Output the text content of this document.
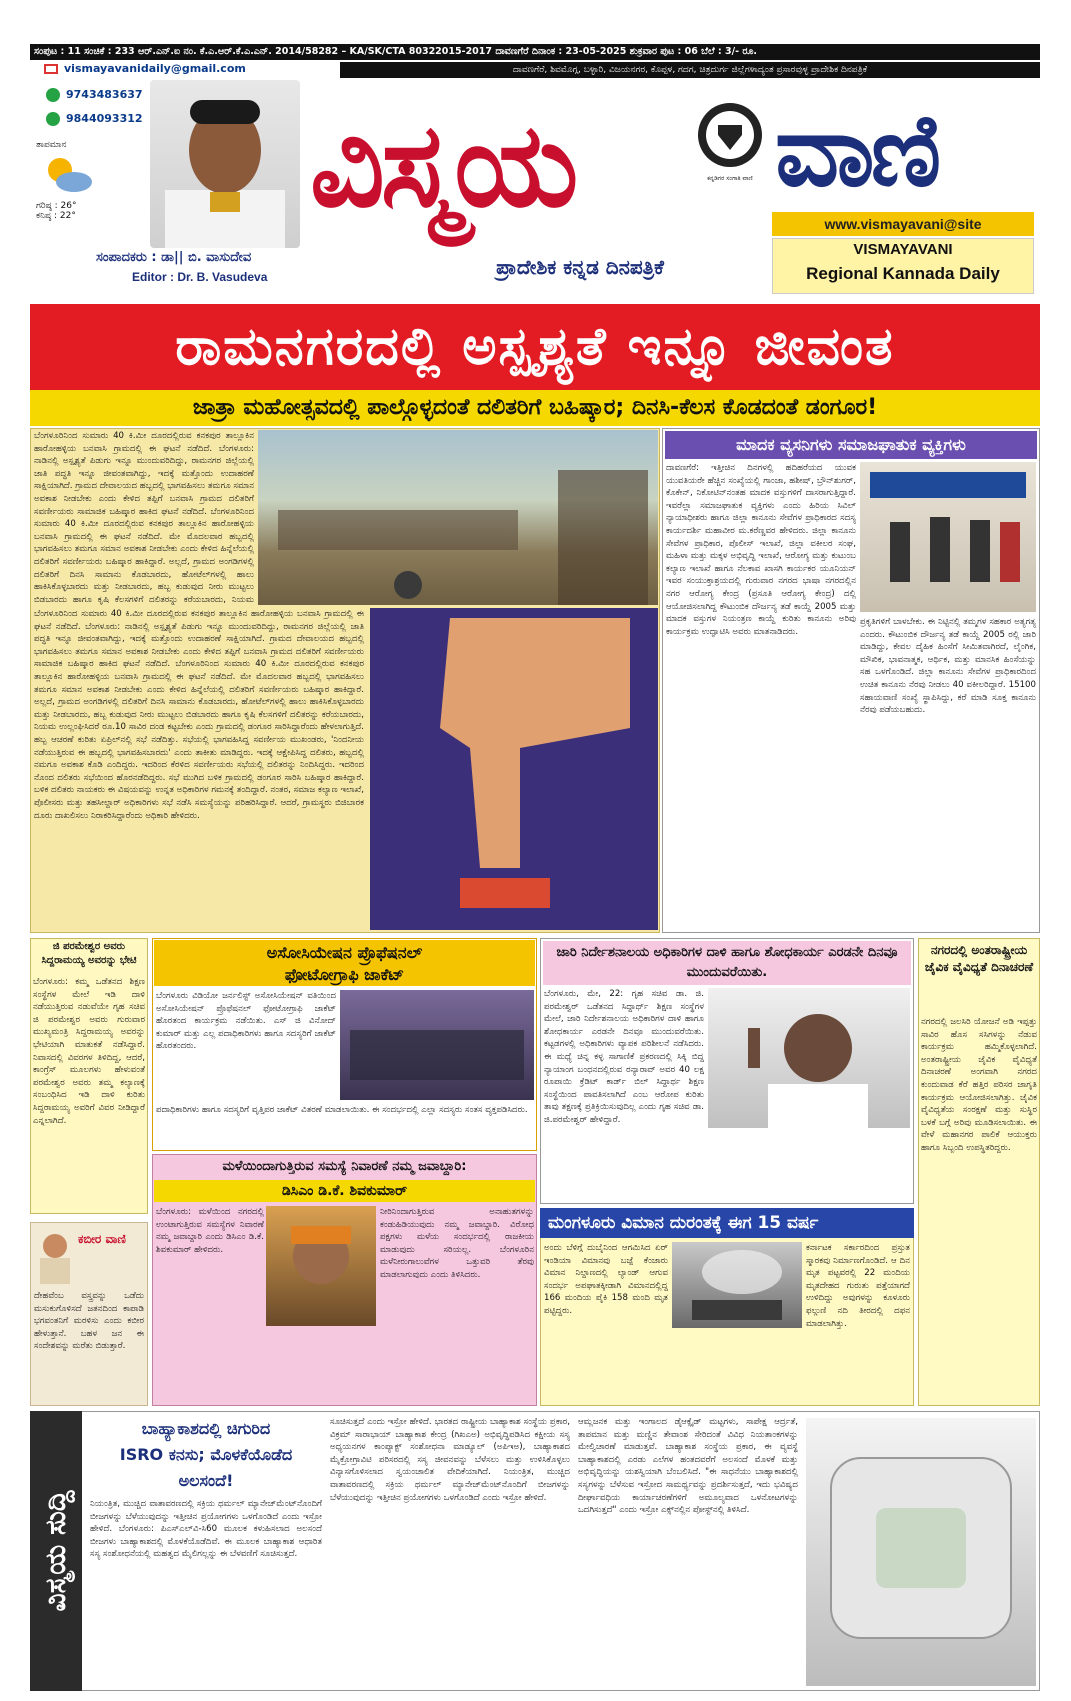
ಸಂಪುಟ : 11 ಸಂಚಿಕೆ : 233 ಆರ್.ಎನ್.ಐ ನಂ. ಕೆ.ಎ.ಆರ್.ಕೆ.ಎ.ಎನ್. 2014/58282 – KA/SK/CTA 80322015-2017 ದಾವಣಗೆರೆ ದಿನಾಂಕ : 23-05-2025 ಶುಕ್ರವಾರ ಪುಟ : 06 ಬೆಲೆ : 3/- ರೂ.
ದಾವಣಗೆರೆ, ಶಿವಮೊಗ್ಗ, ಬಳ್ಳಾರಿ, ವಿಜಯನಗರ, ಕೊಪ್ಪಳ, ಗದಗ, ಚಿತ್ರದುರ್ಗ ಜಿಲ್ಲೆಗಳಾದ್ಯಂತ ಪ್ರಸಾರವುಳ್ಳ ಪ್ರಾದೇಶಿಕ ದಿನಪತ್ರಿಕೆ
vismayavanidaily@gmail.com
9743483637
9844093312
ತಾಪಮಾನ
ಗರಿಷ್ಠ : 26°
ಕನಿಷ್ಠ : 22°
ಸಂಪಾದಕರು : ಡಾ|| ಬಿ. ವಾಸುದೇವ
Editor : Dr. B. Vasudeva
ವಿಸ್ಮಯ	ಕನ್ನಡಿಗರ ಸಂಗಾತಿ ವಾಣಿ ವಾಣಿ
ಪ್ರಾದೇಶಿಕ ಕನ್ನಡ ದಿನಪತ್ರಿಕೆ
www.vismayavani@site
VISMAYAVANI
Regional Kannada Daily
ರಾಮನಗರದಲ್ಲಿ ಅಸ್ಪೃಶ್ಯತೆ ಇನ್ನೂ ಜೀವಂತ
ಜಾತ್ರಾ ಮಹೋತ್ಸವದಲ್ಲಿ ಪಾಲ್ಗೊಳ್ಳದಂತೆ ದಲಿತರಿಗೆ ಬಹಿಷ್ಕಾರ; ದಿನಸಿ-ಕೆಲಸ ಕೊಡದಂತೆ ಡಂಗೂರ!
ಬೆಂಗಳೂರಿನಿಂದ ಸುಮಾರು 40 ಕಿ.ಮೀ ದೂರದಲ್ಲಿರುವ ಕನಕಪುರ ತಾಲ್ಲೂಕಿನ ಹಾರೋಹಳ್ಳಿಯ ಬನವಾಸಿ ಗ್ರಾಮದಲ್ಲಿ ಈ ಘಟನೆ ನಡೆದಿದೆ. ಬೆಂಗಳೂರು: ನಾಡಿನಲ್ಲಿ ಅಸ್ಪೃಶ್ಯತೆ ಪಿಡುಗು ಇನ್ನೂ ಮುಂದುವರಿದಿದ್ದು, ರಾಮನಗರ ಜಿಲ್ಲೆಯಲ್ಲಿ ಜಾತಿ ಪದ್ಧತಿ ಇನ್ನೂ ಜೀವಂತವಾಗಿದ್ದು, ಇದಕ್ಕೆ ಮತ್ತೊಂದು ಉದಾಹರಣೆ ಸಾಕ್ಷಿಯಾಗಿದೆ. ಗ್ರಾಮದ ದೇವಾಲಯದ ಹಬ್ಬದಲ್ಲಿ ಭಾಗವಹಿಸಲು ತಮಗೂ ಸಮಾನ ಅವಕಾಶ ನೀಡಬೇಕು ಎಂದು ಕೇಳಿದ ತಪ್ಪಿಗೆ ಬನವಾಸಿ ಗ್ರಾಮದ ದಲಿತರಿಗೆ ಸವರ್ಣೀಯರು ಸಾಮಾಜಿಕ ಬಹಿಷ್ಕಾರ ಹಾಕಿದ ಘಟನೆ ನಡೆದಿದೆ. ಬೆಂಗಳೂರಿನಿಂದ ಸುಮಾರು 40 ಕಿ.ಮೀ ದೂರದಲ್ಲಿರುವ ಕನಕಪುರ ತಾಲ್ಲೂಕಿನ ಹಾರೋಹಳ್ಳಿಯ ಬನವಾಸಿ ಗ್ರಾಮದಲ್ಲಿ ಈ ಘಟನೆ ನಡೆದಿದೆ. ಮೇ ಮೊದಲವಾರ ಹಬ್ಬದಲ್ಲಿ ಭಾಗವಹಿಸಲು ತಮಗೂ ಸಮಾನ ಅವಕಾಶ ನೀಡಬೇಕು ಎಂದು ಕೇಳಿದ ಹಿನ್ನೆಲೆಯಲ್ಲಿ ದಲಿತರಿಗೆ ಸವರ್ಣೀಯರು ಬಹಿಷ್ಕಾರ ಹಾಕಿದ್ದಾರೆ. ಅಲ್ಲದೆ, ಗ್ರಾಮದ ಅಂಗಡಿಗಳಲ್ಲಿ ದಲಿತರಿಗೆ ದಿನಸಿ ಸಾಮಾನು ಕೊಡಬಾರದು, ಹೋಟೆಲ್‌ಗಳಲ್ಲಿ ಹಾಲು ಹಾಕಿಸಿಕೊಳ್ಳಬಾರದು ಮತ್ತು ನೀಡಬಾರದು, ಹಬ್ಬ ಕುಡುವುದ ನೀರು ಮುಟ್ಟಲು ಬಿಡಬಾರದು ಹಾಗೂ ಕೃಷಿ ಕೆಲಸಗಳಿಗೆ ದಲಿತರನ್ನು ಕರೆಯಬಾರದು, ನಿಯಮ
ಬೆಂಗಳೂರಿನಿಂದ ಸುಮಾರು 40 ಕಿ.ಮೀ ದೂರದಲ್ಲಿರುವ ಕನಕಪುರ ತಾಲ್ಲೂಕಿನ ಹಾರೋಹಳ್ಳಿಯ ಬನವಾಸಿ ಗ್ರಾಮದಲ್ಲಿ ಈ ಘಟನೆ ನಡೆದಿದೆ. ಬೆಂಗಳೂರು: ನಾಡಿನಲ್ಲಿ ಅಸ್ಪೃಶ್ಯತೆ ಪಿಡುಗು ಇನ್ನೂ ಮುಂದುವರಿದಿದ್ದು, ರಾಮನಗರ ಜಿಲ್ಲೆಯಲ್ಲಿ ಜಾತಿ ಪದ್ಧತಿ ಇನ್ನೂ ಜೀವಂತವಾಗಿದ್ದು, ಇದಕ್ಕೆ ಮತ್ತೊಂದು ಉದಾಹರಣೆ ಸಾಕ್ಷಿಯಾಗಿದೆ. ಗ್ರಾಮದ ದೇವಾಲಯದ ಹಬ್ಬದಲ್ಲಿ ಭಾಗವಹಿಸಲು ತಮಗೂ ಸಮಾನ ಅವಕಾಶ ನೀಡಬೇಕು ಎಂದು ಕೇಳಿದ ತಪ್ಪಿಗೆ ಬನವಾಸಿ ಗ್ರಾಮದ ದಲಿತರಿಗೆ ಸವರ್ಣೀಯರು ಸಾಮಾಜಿಕ ಬಹಿಷ್ಕಾರ ಹಾಕಿದ ಘಟನೆ ನಡೆದಿದೆ. ಬೆಂಗಳೂರಿನಿಂದ ಸುಮಾರು 40 ಕಿ.ಮೀ ದೂರದಲ್ಲಿರುವ ಕನಕಪುರ ತಾಲ್ಲೂಕಿನ ಹಾರೋಹಳ್ಳಿಯ ಬನವಾಸಿ ಗ್ರಾಮದಲ್ಲಿ ಈ ಘಟನೆ ನಡೆದಿದೆ. ಮೇ ಮೊದಲವಾರ ಹಬ್ಬದಲ್ಲಿ ಭಾಗವಹಿಸಲು ತಮಗೂ ಸಮಾನ ಅವಕಾಶ ನೀಡಬೇಕು ಎಂದು ಕೇಳಿದ ಹಿನ್ನೆಲೆಯಲ್ಲಿ ದಲಿತರಿಗೆ ಸವರ್ಣೀಯರು ಬಹಿಷ್ಕಾರ ಹಾಕಿದ್ದಾರೆ. ಅಲ್ಲದೆ, ಗ್ರಾಮದ ಅಂಗಡಿಗಳಲ್ಲಿ ದಲಿತರಿಗೆ ದಿನಸಿ ಸಾಮಾನು ಕೊಡಬಾರದು, ಹೋಟೆಲ್‌ಗಳಲ್ಲಿ ಹಾಲು ಹಾಕಿಸಿಕೊಳ್ಳಬಾರದು ಮತ್ತು ನೀಡಬಾರದು, ಹಬ್ಬ ಕುಡುವುದ ನೀರು ಮುಟ್ಟಲು ಬಿಡಬಾರದು ಹಾಗೂ ಕೃಷಿ ಕೆಲಸಗಳಿಗೆ ದಲಿತರನ್ನು ಕರೆಯಬಾರದು, ನಿಯಮ ಉಲ್ಲಂಘಿಸಿದರೆ ರೂ.10 ಸಾವಿರ ದಂಡ ಕಟ್ಟಬೇಕು ಎಂದು ಗ್ರಾಮದಲ್ಲಿ ಡಂಗೂರ ಸಾರಿಸಿದ್ದಾರೆಂದು ಹೇಳಲಾಗುತ್ತಿದೆ. ಹಬ್ಬ ಆಚರಣೆ ಕುರಿತು ಏಪ್ರಿಲ್‌ನಲ್ಲಿ ಸಭೆ ನಡೆದಿತ್ತು. ಸಭೆಯಲ್ಲಿ ಭಾಗವಹಿಸಿದ್ದ ಸವರ್ಣೀಯ ಮುಖಂಡರು, 'ನಿಂದನೀಯ ನಡೆಯುತ್ತಿರುವ ಈ ಹಬ್ಬದಲ್ಲಿ ಭಾಗವಹಿಸಬಾರದು' ಎಂದು ತಾಕೀತು ಮಾಡಿದ್ದರು. ಇದಕ್ಕೆ ಆಕ್ಷೇಪಿಸಿದ್ದ ದಲಿತರು, ಹಬ್ಬದಲ್ಲಿ ನಮಗೂ ಅವಕಾಶ ಕೊಡಿ ಎಂದಿದ್ದರು. ಇದರಿಂದ ಕೆರಳಿದ ಸವರ್ಣೀಯರು ಸಭೆಯಲ್ಲಿ ದಲಿತರನ್ನು ನಿಂದಿಸಿದ್ದರು. ಇದರಿಂದ ನೊಂದ ದಲಿತರು ಸಭೆಯಿಂದ ಹೊರನಡೆದಿದ್ದರು. ಸಭೆ ಮುಗಿದ ಬಳಿಕ ಗ್ರಾಮದಲ್ಲಿ ಡಂಗೂರ ಸಾರಿಸಿ ಬಹಿಷ್ಕಾರ ಹಾಕಿದ್ದಾರೆ. ಬಳಿಕ ದಲಿತರು ನಾಯಕರು ಈ ವಿಷಯವನ್ನು ಉನ್ನತ ಅಧಿಕಾರಿಗಳ ಗಮನಕ್ಕೆ ತಂದಿದ್ದಾರೆ. ನಂತರ, ಸಮಾಜ ಕಲ್ಯಾಣ ಇಲಾಖೆ, ಪೊಲೀಸರು ಮತ್ತು ತಹಸೀಲ್ದಾರ್ ಅಧಿಕಾರಿಗಳು ಸಭೆ ನಡೆಸಿ ಸಮಸ್ಯೆಯನ್ನು ಪರಿಹರಿಸಿದ್ದಾರೆ. ಆದರೆ, ಗ್ರಾಮಸ್ಥರು ಬಿಜಿಬಾರಕ ದೂರು ದಾಖಲಿಸಲು ನಿರಾಕರಿಸಿದ್ದಾರೆಂದು ಅಧಿಕಾರಿ ಹೇಳಿದರು.
ಮಾದಕ ವ್ಯಸನಿಗಳು ಸಮಾಜಘಾತುಕ ವ್ಯಕ್ತಿಗಳು
ದಾವಣಗೆರೆ: ಇತ್ತೀಚಿನ ದಿನಗಳಲ್ಲಿ ಹದಿಹರೆಯದ ಯುವಕ ಯುವತಿಯರೇ ಹೆಚ್ಚಿನ ಸಂಖ್ಯೆಯಲ್ಲಿ ಗಾಂಜಾ, ಹಶೀಷ್, ಬ್ರೌನ್‌ಶುಗರ್, ಕೊಕೇನ್, ನಿಕೋಟಿನ್‌ನಂತಹ ಮಾದಕ ವಸ್ತುಗಳಿಗೆ ದಾಸರಾಗುತ್ತಿದ್ದಾರೆ. ಇವರೆಲ್ಲಾ ಸಮಾಜಘಾತುಕ ವ್ಯಕ್ತಿಗಳು ಎಂದು ಹಿರಿಯ ಸಿವಿಲ್ ನ್ಯಾಯಾಧೀಶರು ಹಾಗೂ ಜಿಲ್ಲಾ ಕಾನೂನು ಸೇವೆಗಳ ಪ್ರಾಧಿಕಾರದ ಸದಸ್ಯ ಕಾರ್ಯದರ್ಶಿ ಮಹಾವೀರ ಮ.ಕರೆಣ್ಣವರ ಹೇಳಿದರು. ಜಿಲ್ಲಾ ಕಾನೂನು ಸೇವೆಗಳ ಪ್ರಾಧಿಕಾರ, ಪೊಲೀಸ್ ಇಲಾಖೆ, ಜಿಲ್ಲಾ ವಕೀಲರ ಸಂಘ, ಮಹಿಳಾ ಮತ್ತು ಮಕ್ಕಳ ಅಭಿವೃದ್ಧಿ ಇಲಾಖೆ, ಆರೋಗ್ಯ ಮತ್ತು ಕುಟುಂಬ ಕಲ್ಯಾಣ ಇಲಾಖೆ ಹಾಗೂ ನೆಲಕಾವ ಖಾಸಗಿ ಕಾರ್ಯಕರ ಯೂನಿಯನ್ ಇವರ ಸಂಯುಕ್ತಾಶ್ರಯದಲ್ಲಿ ಗುರುವಾರ ನಗರದ ಭಾಷಾ ನಗರದಲ್ಲಿನ ನಗರ ಆರೋಗ್ಯ ಕೇಂದ್ರ (ಪ್ರಸೂತಿ ಆರೋಗ್ಯ ಕೇಂದ್ರ) ದಲ್ಲಿ ಆಯೋಜಿಸಲಾಗಿದ್ದ ಕೌಟುಂಬಿಕ ದೌರ್ಜನ್ಯ ತಡೆ ಕಾಯ್ದೆ 2005 ಮತ್ತು ಮಾದಕ ವಸ್ತುಗಳ ನಿಯಂತ್ರಣ ಕಾಯ್ದೆ ಕುರಿತು ಕಾನೂನು ಅರಿವು ಕಾರ್ಯಕ್ರಮ ಉದ್ಘಾಟಿಸಿ ಅವರು ಮಾತನಾಡಿದರು.
ಪ್ರಕೃತಿಗಳಿಗೆ ಬಾಳಬೇಕು. ಈ ನಿಟ್ಟಿನಲ್ಲಿ ತಮ್ಮಗಳ ಸಹಕಾರ ಅತ್ಯಗತ್ಯ ಎಂದರು. ಕೌಟುಂಬಿಕ ದೌರ್ಜನ್ಯ ತಡೆ ಕಾಯ್ದೆ 2005 ರಲ್ಲಿ ಜಾರಿ ಮಾಡಿದ್ದು, ಕೇವಲ ದೈಹಿಕ ಹಿಂಸೆಗೆ ಸೀಮಿತವಾಗಿರದೆ, ಲೈಂಗಿಕ, ಮೌಖಿಕ, ಭಾವನಾತ್ಮಕ, ಆರ್ಥಿಕ, ಮತ್ತು ಮಾನಸಿಕ ಹಿಂಸೆಯನ್ನು ಸಹ ಒಳಗೊಂಡಿದೆ. ಜಿಲ್ಲಾ ಕಾನೂನು ಸೇವೆಗಳ ಪ್ರಾಧಿಕಾರದಿಂದ ಉಚಿತ ಕಾನೂನು ನೆರವು ನೀಡಲು 40 ವಕೀಲರಿದ್ದಾರೆ. 15100 ಸಹಾಯವಾಣಿ ಸಂಖ್ಯೆ ಸ್ಥಾಪಿಸಿದ್ದು, ಕರೆ ಮಾಡಿ ಸೂಕ್ತ ಕಾನೂನು ನೆರವು ಪಡೆಯಬಹುದು.
ಜಿ ಪರಮೇಶ್ವರ ಅವರು ಸಿದ್ದರಾಮಯ್ಯ ಅವರನ್ನು ಭೇಟಿ
ಬೆಂಗಳೂರು: ಕಮ್ಮ ಒಡೆತನದ ಶಿಕ್ಷಣ ಸಂಸ್ಥೆಗಳ ಮೇಲೆ ಇಡಿ ದಾಳಿ ನಡೆಯುತ್ತಿರುವ ನಡುವೆಯೇ ಗೃಹ ಸಚಿವ ಜಿ ಪರಮೇಶ್ವರ ಅವರು ಗುರುವಾರ ಮುಖ್ಯಮಂತ್ರಿ ಸಿದ್ದರಾಮಯ್ಯ ಅವರನ್ನು ಭೇಟಿಯಾಗಿ ಮಾತುಕತೆ ನಡೆಸಿದ್ದಾರೆ. ನಿವಾಸದಲ್ಲಿ ವಿವರಗಳ ತಿಳಿದಿದ್ದ, ಆದರೆ, ಕಾಂಗ್ರೆಸ್ ಮೂಲಗಳು ಹೇಳುವಂತೆ ಪರಮೇಶ್ವರ ಅವರು ತಮ್ಮ ಕಲ್ಯಾಣಕ್ಕೆ ಸಂಬಂಧಿಸಿದ ಇಡಿ ದಾಳಿ ಕುರಿತು ಸಿದ್ದರಾಮಯ್ಯ ಅವರಿಗೆ ವಿವರ ನೀಡಿದ್ದಾರೆ ಎನ್ನಲಾಗಿದೆ.
ಕಬೀರ ವಾಣಿ
ದೇಹವೆಂಬ ವಸ್ತ್ರವನ್ನು ಒಡೆದು ಮಸುಕುಗೊಳಿಸದೆ ಜತನದಿಂದ ಕಾಪಾಡಿ ಭಗವಂತನಿಗೆ ಮರಳಿಸು ಎಂದು ಕಬೀರ ಹೇಳುತ್ತಾನೆ. ಬಹಳ ಜನ ಈ ಸಂದೇಶವನ್ನು ಮರೆತು ಬಿಡುತ್ತಾರೆ.
ಅಸೋಸಿಯೇಷನ ಪ್ರೊಫೆಷನಲ್
ಫೋಟೋಗ್ರಾಫಿ ಜಾಕೆಟ್
ಬೆಂಗಳೂರು ವಿಡಿಯೋ ಜರ್ನಲಿಸ್ಟ್ ಅಸೋಸಿಯೇಷನ್ ವತಿಯಿಂದ ಅಸೋಸಿಯೇಷನ್ ಪ್ರೊಫೆಷನಲ್ ಫೋಟೋಗ್ರಾಫಿ ಜಾಕೆಟ್ ಹೊರತಂದ ಕಾರ್ಯಕ್ರಮ ನಡೆಯಿತು. ಎಸ್ ಜಿ ವಿನೋದ್ ಕುಮಾರ್ ಮತ್ತು ಎಲ್ಲ ಪದಾಧಿಕಾರಿಗಳು ಹಾಗೂ ಸದಸ್ಯರಿಗೆ ಜಾಕೆಟ್ ಹೊರತಂದರು.
ಪದಾಧಿಕಾರಿಗಳು ಹಾಗೂ ಸದಸ್ಯರಿಗೆ ವೃತ್ತಿಪರ ಜಾಕೆಟ್ ವಿತರಣೆ ಮಾಡಲಾಯಿತು. ಈ ಸಂದರ್ಭದಲ್ಲಿ ಎಲ್ಲಾ ಸದಸ್ಯರು ಸಂತಸ ವ್ಯಕ್ತಪಡಿಸಿದರು.
ಮಳೆಯಿಂದಾಗುತ್ತಿರುವ ಸಮಸ್ಯೆ ನಿವಾರಣೆ ನಮ್ಮ ಜವಾಬ್ದಾರಿ:
ಡಿಸಿಎಂ ಡಿ.ಕೆ. ಶಿವಕುಮಾರ್
ಬೆಂಗಳೂರು: ಮಳೆಯಿಂದ ನಗರದಲ್ಲಿ ಉಂಟಾಗುತ್ತಿರುವ ಸಮಸ್ಯೆಗಳ ನಿವಾರಣೆ ನಮ್ಮ ಜವಾಬ್ದಾರಿ ಎಂದು ಡಿಸಿಎಂ ಡಿ.ಕೆ. ಶಿವಕುಮಾರ್ ಹೇಳಿದರು.
ನೀರಿನಿಂದಾಗುತ್ತಿರುವ ಅನಾಹುತಗಳನ್ನು ಕಂಡುಹಿಡಿಯುವುದು ನಮ್ಮ ಜವಾಬ್ದಾರಿ. ವಿರೋಧ ಪಕ್ಷಗಳು ಮಳೆಯ ಸಂದರ್ಭದಲ್ಲಿ ರಾಜಕೀಯ ಮಾಡುವುದು ಸರಿಯಲ್ಲ. ಬೆಂಗಳೂರಿನ ಮಳೆನೀರುಗಾಲುವೆಗಳ ಒತ್ತುವರಿ ತೆರವು ಮಾಡಲಾಗುವುದು ಎಂದು ತಿಳಿಸಿದರು.
ಜಾರಿ ನಿರ್ದೇಶನಾಲಯ ಅಧಿಕಾರಿಗಳ ದಾಳಿ ಹಾಗೂ ಶೋಧಕಾರ್ಯ ಎರಡನೇ ದಿನವೂ ಮುಂದುವರೆಯಿತು.
ಬೆಂಗಳೂರು, ಮೇ, 22: ಗೃಹ ಸಚಿವ ಡಾ. ಜಿ. ಪರಮೇಶ್ವರ್ ಒಡೆತನದ ಸಿದ್ದಾರ್ಥ್ ಶಿಕ್ಷಣ ಸಂಸ್ಥೆಗಳ ಮೇಲೆ, ಜಾರಿ ನಿರ್ದೇಶನಾಲಯ ಅಧಿಕಾರಿಗಳ ದಾಳಿ ಹಾಗೂ ಶೋಧಕಾರ್ಯ ಎರಡನೇ ದಿನವೂ ಮುಂದುವರೆಯಿತು. ಕಟ್ಟಡಗಳಲ್ಲಿ ಅಧಿಕಾರಿಗಳು ವ್ಯಾಪಕ ಪರಿಶೀಲನೆ ನಡೆಸಿದರು. ಈ ಮಧ್ಯೆ ಚಿನ್ನ ಕಳ್ಳ ಸಾಗಾಣಿಕೆ ಪ್ರಕರಣದಲ್ಲಿ ಸಿಕ್ಕಿ ಬಿದ್ದ ನ್ಯಾಯಾಂಗ ಬಂಧನದಲ್ಲಿರುವ ರನ್ಯಾರಾವ್ ಅವರ 40 ಲಕ್ಷ ರೂಪಾಯಿ ಕ್ರೆಡಿಟ್ ಕಾರ್ಡ್ ಬಿಲ್ ಸಿದ್ದಾರ್ಥ ಶಿಕ್ಷಣ ಸಂಸ್ಥೆಯಿಂದ ಪಾವತಿಸಲಾಗಿದೆ ಎಂಬ ಆರೋಪ ಕುರಿತು ತಾವು ತಕ್ಷಣಕ್ಕೆ ಪ್ರತಿಕ್ರಿಯಿಸುವುದಿಲ್ಲ ಎಂದು ಗೃಹ ಸಚಿವ ಡಾ. ಜಿ.ಪರಮೇಶ್ವರ್ ಹೇಳಿದ್ದಾರೆ.
ಮಂಗಳೂರು ವಿಮಾನ ದುರಂತಕ್ಕೆ ಈಗ 15 ವರ್ಷ
ಅಂದು ಬೆಳಿಗ್ಗೆ ದುಬೈನಿಂದ ಆಗಮಿಸಿದ ಏರ್ ಇಂಡಿಯಾ ವಿಮಾನವು ಬಜ್ಪೆ ಕೆಂಜಾರು ವಿಮಾನ ನಿಲ್ದಾಣದಲ್ಲಿ ಲ್ಯಾಂಡ್ ಆಗುವ ಸಂದರ್ಭ ಅಪಘಾತಕ್ಕೀಡಾಗಿ ವಿಮಾನದಲ್ಲಿದ್ದ 166 ಮಂದಿಯ ಪೈಕಿ 158 ಮಂದಿ ಮೃತ ಪಟ್ಟಿದ್ದರು.
ಕರ್ನಾಟಕ ಸರ್ಕಾರದಿಂದ ಪ್ರಸ್ತುತ ಸ್ಮಾರಕವು ನಿರ್ಮಾಣಗೊಂಡಿದೆ. ಆ ದಿನ ಮೃತ ಪಟ್ಟವರಲ್ಲಿ 22 ಮಂದಿಯ ಮೃತದೇಹದ ಗುರುತು ಪತ್ತೆಯಾಗದೆ ಉಳಿದಿದ್ದು ಅವುಗಳನ್ನು ಕೂಳೂರು ಫಲ್ಗುಣಿ ನದಿ ತೀರದಲ್ಲಿ ದಫನ ಮಾಡಲಾಗಿತ್ತು.
ನಗರದಲ್ಲಿ ಅಂತರಾಷ್ಟ್ರೀಯ ಜೈವಿಕ ವೈವಿಧ್ಯತೆ ದಿನಾಚರಣೆ
ನಗರದಲ್ಲಿ ಜಲಸಿರಿ ಯೋಜನೆ ಅಡಿ ಇಪ್ಪತ್ತು ಸಾವಿರ ಹೊಸ ಸಸಿಗಳನ್ನು ನೆಡುವ ಕಾರ್ಯಕ್ರಮ ಹಮ್ಮಿಕೊಳ್ಳಲಾಗಿದೆ. ಅಂತರಾಷ್ಟ್ರೀಯ ಜೈವಿಕ ವೈವಿಧ್ಯತೆ ದಿನಾಚರಣೆ ಅಂಗವಾಗಿ ನಗರದ ಕುಂದುವಾಡ ಕೆರೆ ಹತ್ತಿರ ಪರಿಸರ ಜಾಗೃತಿ ಕಾರ್ಯಕ್ರಮ ಆಯೋಜಿಸಲಾಗಿತ್ತು. ಜೈವಿಕ ವೈವಿಧ್ಯತೆಯ ಸಂರಕ್ಷಣೆ ಮತ್ತು ಸುಸ್ಥಿರ ಬಳಕೆ ಬಗ್ಗೆ ಅರಿವು ಮೂಡಿಸಲಾಯಿತು. ಈ ವೇಳೆ ಮಹಾನಗರ ಪಾಲಿಕೆ ಆಯುಕ್ತರು ಹಾಗೂ ಸಿಬ್ಬಂದಿ ಉಪಸ್ಥಿತರಿದ್ದರು.
ವಿಸ್ಮಯ ಸುದ್ದಿ
ಬಾಹ್ಯಾಕಾಶದಲ್ಲಿ ಚಿಗುರಿದ
ISRO ಕನಸು; ಮೊಳಕೆಯೊಡೆದ
ಅಲಸಂದೆ!
ನಿಯಂತ್ರಿತ, ಮುಚ್ಚಿದ ವಾತಾವರಣದಲ್ಲಿ ಸಕ್ರಿಯ ಥರ್ಮಲ್ ಮ್ಯಾನೇಜ್‌ಮೆಂಟ್‌ನೊಂದಿಗೆ ಬೀಜಗಳನ್ನು ಬೆಳೆಯುವುದನ್ನು ಇತ್ತೀಚಿನ ಪ್ರಯೋಗಗಳು ಒಳಗೊಂಡಿದೆ ಎಂದು ಇಸ್ರೋ ಹೇಳಿದೆ. ಬೆಂಗಳೂರು: ಪಿಎಸ್‌ಎಲ್‌ವಿ-ಸಿ60 ಮೂಲಕ ಕಳುಹಿಸಲಾದ ಅಲಸಂದೆ ಬೀಜಗಳು ಬಾಹ್ಯಾಕಾಶದಲ್ಲಿ ಮೊಳಕೆಯೊಡೆದಿವೆ. ಈ ಮೂಲಕ ಬಾಹ್ಯಾಕಾಶ ಆಧಾರಿತ ಸಸ್ಯ ಸಂಶೋಧನೆಯಲ್ಲಿ ಮಹತ್ವದ ಮೈಲಿಗಲ್ಲನ್ನು ಈ ಬೆಳವಣಿಗೆ ಸೂಚಿಸುತ್ತದೆ.
ಸೂಚಿಸುತ್ತದೆ ಎಂದು ಇಸ್ರೋ ಹೇಳಿದೆ. ಭಾರತದ ರಾಷ್ಟ್ರೀಯ ಬಾಹ್ಯಾಕಾಶ ಸಂಸ್ಥೆಯ ಪ್ರಕಾರ, ವಿಕ್ರಮ್ ಸಾರಾಭಾಯ್ ಬಾಹ್ಯಾಕಾಶ ಕೇಂದ್ರ (ಗಿಖಎಅ) ಅಭಿವೃದ್ಧಿಪಡಿಸಿದ ಕಕ್ಷೀಯ ಸಸ್ಯ ಅಧ್ಯಯನಗಳ ಕಾಂಪ್ಯಾಕ್ಟ್ ಸಂಶೋಧನಾ ಮಾಡ್ಯೂಲ್ (ಅಪಿಇಅ), ಬಾಹ್ಯಾಕಾಶದ ಮೈಕ್ರೋಗ್ರಾವಿಟಿ ಪರಿಸರದಲ್ಲಿ ಸಸ್ಯ ಜೀವನವನ್ನು ಬೆಳೆಸಲು ಮತ್ತು ಉಳಿಸಿಕೊಳ್ಳಲು ವಿನ್ಯಾಸಗೊಳಿಸಲಾದ ಸ್ವಯಂಚಾಲಿತ ವೇದಿಕೆಯಾಗಿದೆ. ನಿಯಂತ್ರಿತ, ಮುಚ್ಚಿದ ವಾತಾವರಣದಲ್ಲಿ ಸಕ್ರಿಯ ಥರ್ಮಲ್ ಮ್ಯಾನೇಜ್‌ಮೆಂಟ್‌ನೊಂದಿಗೆ ಬೀಜಗಳನ್ನು ಬೆಳೆಯುವುದನ್ನು ಇತ್ತೀಚಿನ ಪ್ರಯೋಗಗಳು ಒಳಗೊಂಡಿದೆ ಎಂದು ಇಸ್ರೋ ಹೇಳಿದೆ.
ಆಮ್ಲಜನಕ ಮತ್ತು ಇಂಗಾಲದ ಡೈಆಕ್ಸೈಡ್ ಮಟ್ಟಗಳು, ಸಾಪೇಕ್ಷ ಆರ್ದ್ರತೆ, ತಾಪಮಾನ ಮತ್ತು ಮಣ್ಣಿನ ತೇವಾಂಶ ಸೇರಿದಂತೆ ವಿವಿಧ ನಿಯತಾಂಕಗಳನ್ನು ಮೇಲ್ವಿಚಾರಣೆ ಮಾಡುತ್ತವೆ. ಬಾಹ್ಯಾಕಾಶ ಸಂಸ್ಥೆಯ ಪ್ರಕಾರ, ಈ ವ್ಯವಸ್ಥೆ ಬಾಹ್ಯಾಕಾಶದಲ್ಲಿ ಎರಡು ಎಲೆಗಳ ಹಂತದವರೆಗೆ ಅಲಸಂದೆ ಮೊಳಕೆ ಮತ್ತು ಅಭಿವೃದ್ಧಿಯನ್ನು ಯಶಸ್ವಿಯಾಗಿ ಬೆಂಬಲಿಸಿದೆ. "ಈ ಸಾಧನೆಯು ಬಾಹ್ಯಾಕಾಶದಲ್ಲಿ ಸಸ್ಯಗಳನ್ನು ಬೆಳೆಸುವ ಇಸ್ರೋದ ಸಾಮರ್ಥ್ಯವನ್ನು ಪ್ರದರ್ಶಿಸುತ್ತದೆ, ಇದು ಭವಿಷ್ಯದ ದೀರ್ಘಾವಧಿಯ ಕಾರ್ಯಾಚರಣೆಗಳಿಗೆ ಅಮೂಲ್ಯವಾದ ಒಳನೋಟಗಳನ್ನು ಒದಗಿಸುತ್ತದೆ" ಎಂದು ಇಸ್ರೋ ಎಕ್ಸ್‌ನಲ್ಲಿನ ಪೋಸ್ಟ್‌ನಲ್ಲಿ ತಿಳಿಸಿದೆ.
